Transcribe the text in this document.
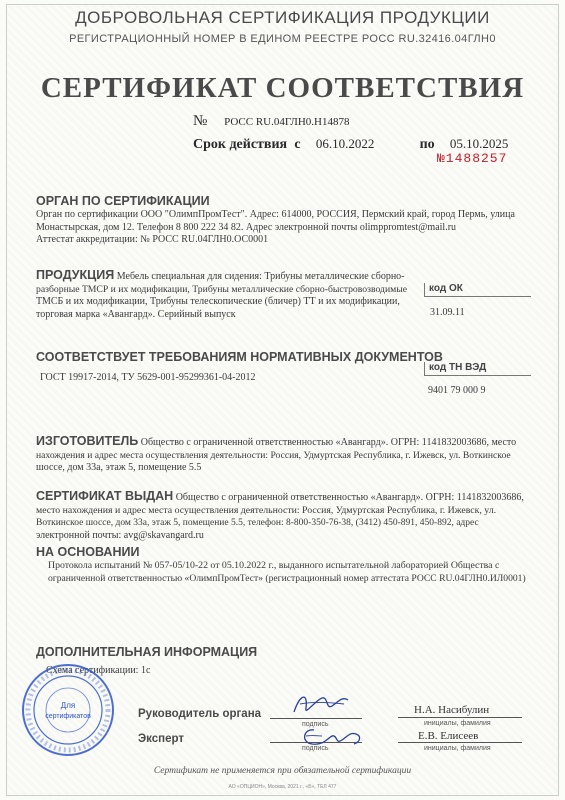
ДОБРОВОЛЬНАЯ СЕРТИФИКАЦИЯ ПРОДУКЦИИ
РЕГИСТРАЦИОННЫЙ НОМЕР В ЕДИНОМ РЕЕСТРЕ РОСС RU.32416.04ГЛН0
СЕРТИФИКАТ СООТВЕТСТВИЯ
№ РОСС RU.04ГЛН0.Н14878
Срок действия с 06.10.2022	по 05.10.2025
№1488257
ОРГАН ПО СЕРТИФИКАЦИИ
Орган по сертификации ООО "ОлимпПромТест". Адрес: 614000, РОССИЯ, Пермский край, город Пермь, улица
Монастырская, дом 12. Телефон 8 800 222 34 82. Адрес электронной почты olimppromtest@mail.ru
Аттестат аккредитации: № РОСС RU.04ГЛН0.ОС0001
ПРОДУКЦИЯ Мебель специальная для сидения: Трибуны металлические сборно-
разборные ТМСР и их модификации, Трибуны металлические сборно-быстровозводимые
ТМСБ и их модификации, Трибуны телескопические (бличер) ТТ и их модификации,
торговая марка «Авангард». Серийный выпуск
код ОК
31.09.11
СООТВЕТСТВУЕТ ТРЕБОВАНИЯМ НОРМАТИВНЫХ ДОКУМЕНТОВ
ГОСТ 19917-2014, ТУ 5629-001-95299361-04-2012
код ТН ВЭД
9401 79 000 9
ИЗГОТОВИТЕЛЬ Общество с ограниченной ответственностью «Авангард». ОГРН: 1141832003686, место
нахождения и адрес места осуществления деятельности: Россия, Удмуртская Республика, г. Ижевск, ул. Воткинское
шоссе, дом 33а, этаж 5, помещение 5.5
СЕРТИФИКАТ ВЫДАН Общество с ограниченной ответственностью «Авангард». ОГРН: 1141832003686,
место нахождения и адрес места осуществления деятельности: Россия, Удмуртская Республика, г. Ижевск, ул.
Воткинское шоссе, дом 33а, этаж 5, помещение 5.5, телефон: 8-800-350-76-38, (3412) 450-891, 450-892, адрес
электронной почты: avg@skavangard.ru
НА ОСНОВАНИИ
Протокола испытаний № 057-05/10-22 от 05.10.2022 г., выданного испытательной лабораторией Общества с
ограниченной ответственностью «ОлимпПромТест» (регистрационный номер аттестата РОСС RU.04ГЛН0.ИЛ0001)
ДОПОЛНИТЕЛЬНАЯ ИНФОРМАЦИЯ
Схема сертификации: 1с
Руководитель органа
подпись
Н.А. Насибулин
инициалы, фамилия
Эксперт
подпись
Е.В. Елисеев
инициалы, фамилия
Для
сертификатов
Сертификат не применяется при обязательной сертификации
АО «ОПЦИОН», Москва, 2021 г., «Б», ТЕЛ 477
